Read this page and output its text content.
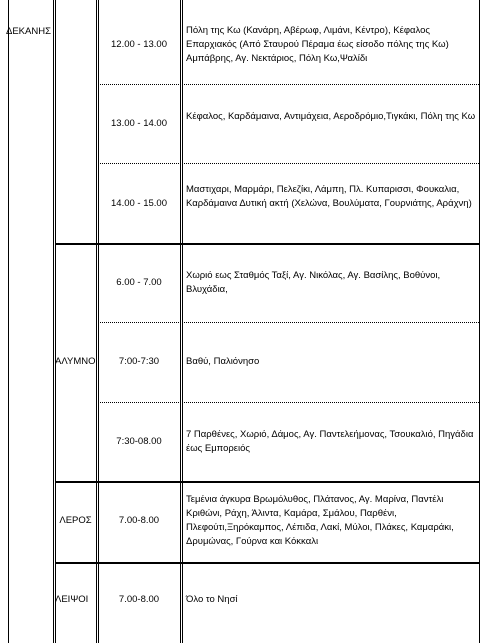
ΔΕΚΑΝΗΣ
ΑΛΥΜΝΟ
ΛΕΡΟΣ
ΛΕΙΨΟΙ
12.00 - 13.00
13.00 - 14.00
14.00 - 15.00
6.00 - 7.00
7:00-7:30
7:30-08.00
7.00-8.00
7.00-8.00
Πόλη της Κω (Κανάρη, Αβέρωφ, Λιμάνι, Κέντρο), Κέφαλος Επαρχιακός (Από Σταυρού Πέραμα έως είσοδο πόλης της Κω) Αμπάβρης, Αγ. Νεκτάριος, Πόλη Κω,Ψαλίδι
Κέφαλος, Καρδάμαινα, Αντιμάχεια, Αεροδρόμιο,Τιγκάκι, Πόλη της Κω
Μαστιχαρι, Μαρμάρι, Πελεζίκι, Λάμπη, Πλ. Κυπαρισσι, Φουκαλια, Καρδάμαινα Δυτική ακτή (Χελώνα, Βουλύματα, Γουρνιάτης, Αράχνη)
Χωριό εως Σταθμός Ταξί, Αγ. Νικόλας, Αγ. Βασίλης, Βοθύνοι, Βλυχάδια,
Βαθύ, Παλιόνησο
7 Παρθένες, Χωριό, Δάμος, Αγ. Παντελεήμονας, Τσουκαλιό, Πηγάδια έως Εμπορειός
Τεμένια άγκυρα Βρωμόλυθος, Πλάτανος, Αγ. Μαρίνα, Παντέλι Κριθώνι, Ράχη, Άλιντα, Καμάρα, Σμάλου, Παρθένι, Πλεφούτι,Ξηρόκαμπος, Λέπιδα, Λακί, Μύλοι, Πλάκες, Καμαράκι, Δρυμώνας, Γούρνα και Κόκκαλι
Όλο το Νησί
